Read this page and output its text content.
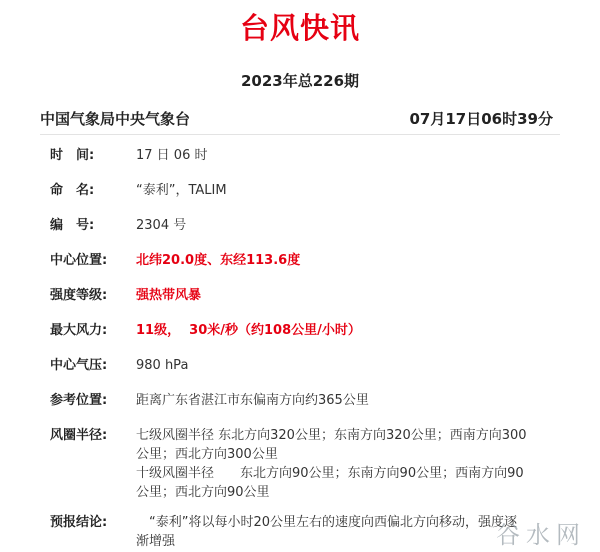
台风快讯
2023年总226期
中国气象局中央气象台	07月17日06时39分
时　间:	17 日 06 时
命　名:	“泰利”，TALIM
编　号:	2304 号
中心位置:	北纬20.0度、东经113.6度
强度等级:	强热带风暴
最大风力:	11级，  30米/秒（约108公里/小时）
中心气压:	980 hPa
参考位置:	距离广东省湛江市东偏南方向约365公里
风圈半径:	七级风圈半径 东北方向320公里；东南方向320公里；西南方向300
公里；西北方向300公里
十级风圈半径　　东北方向90公里；东南方向90公里；西南方向90
公里；西北方向90公里
预报结论:	　“泰利”将以每小时20公里左右的速度向西偏北方向移动，强度逐
渐增强	谷水网
